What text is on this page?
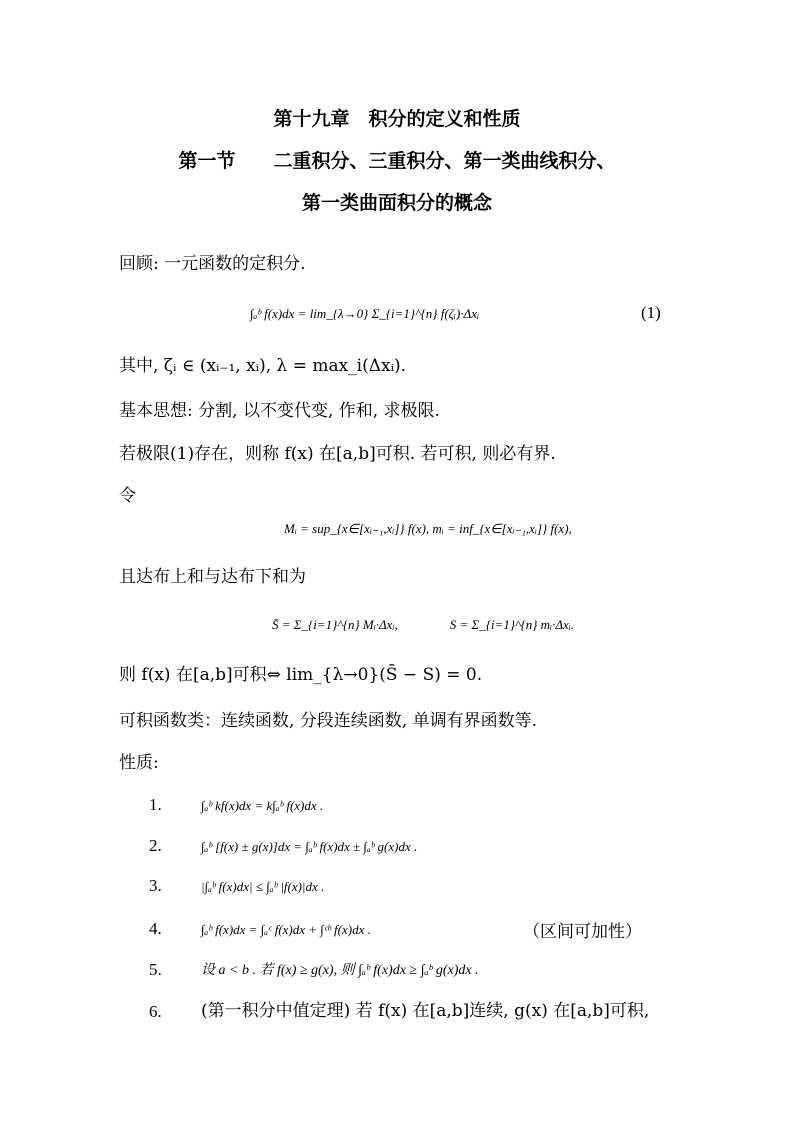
第十九章　积分的定义和性质
第一节　　二重积分、三重积分、第一类曲线积分、
第一类曲面积分的概念
回顾: 一元函数的定积分.
∫ₐᵇ f(x)dx = lim_{λ→0} Σ_{i=1}^{n} f(ζᵢ)·Δxᵢ	(1)
其中, ζᵢ ∈ (xᵢ₋₁, xᵢ), λ = max_i(Δxᵢ).
基本思想: 分割, 以不变代变, 作和, 求极限.
若极限(1)存在，则称 f(x) 在[a,b]可积. 若可积, 则必有界.
令
Mᵢ = sup_{x∈[xᵢ₋₁,xᵢ]} f(x), mᵢ = inf_{x∈[xᵢ₋₁,xᵢ]} f(x),
且达布上和与达布下和为
S̄ = Σ_{i=1}^{n} Mᵢ·Δxᵢ,　　　　S = Σ_{i=1}^{n} mᵢ·Δxᵢ.
则 f(x) 在[a,b]可积⇔ lim_{λ→0}(S̄ − S) = 0.
可积函数类：连续函数, 分段连续函数, 单调有界函数等.
性质:
1.	∫ₐᵇ kf(x)dx = k∫ₐᵇ f(x)dx .
2.	∫ₐᵇ [f(x) ± g(x)]dx = ∫ₐᵇ f(x)dx ± ∫ₐᵇ g(x)dx .
3.	|∫ₐᵇ f(x)dx| ≤ ∫ₐᵇ |f(x)|dx .
4.	∫ₐᵇ f(x)dx = ∫ₐᶜ f(x)dx + ∫ᶜᵇ f(x)dx .	（区间可加性）
5.	设 a < b . 若 f(x) ≥ g(x), 则 ∫ₐᵇ f(x)dx ≥ ∫ₐᵇ g(x)dx .
6. (第一积分中值定理) 若 f(x) 在[a,b]连续, g(x) 在[a,b]可积,
